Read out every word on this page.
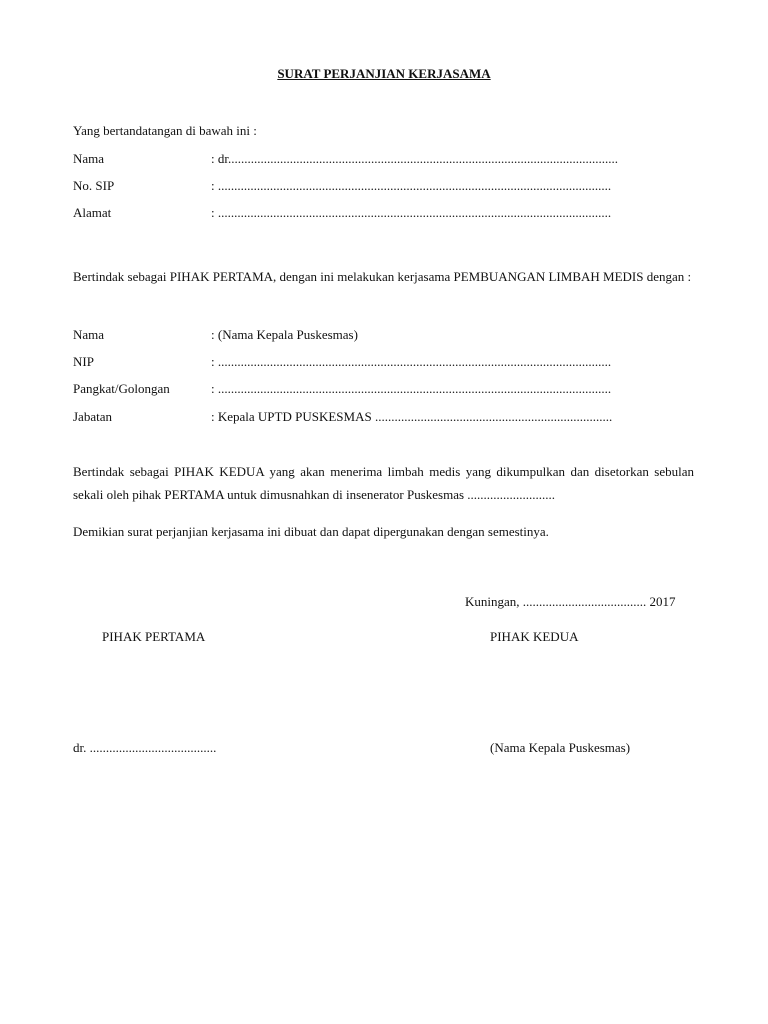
SURAT PERJANJIAN KERJASAMA
Yang bertandatangan di bawah ini :
Nama	: dr........................................................................................................................
No. SIP	: .........................................................................................................................
Alamat	: .........................................................................................................................
Bertindak sebagai PIHAK PERTAMA, dengan ini melakukan kerjasama PEMBUANGAN LIMBAH MEDIS dengan :
Nama	: (Nama Kepala Puskesmas)
NIP	: .........................................................................................................................
Pangkat/Golongan	: .........................................................................................................................
Jabatan	: Kepala UPTD PUSKESMAS .........................................................................
Bertindak sebagai PIHAK KEDUA yang akan menerima limbah medis yang dikumpulkan dan disetorkan sebulan sekali oleh pihak PERTAMA untuk dimusnahkan di insenerator Puskesmas ...........................
Demikian surat perjanjian kerjasama ini dibuat dan dapat dipergunakan dengan semestinya.
Kuningan, ...................................... 2017
PIHAK PERTAMA	PIHAK KEDUA
dr. .......................................	(Nama Kepala Puskesmas)
